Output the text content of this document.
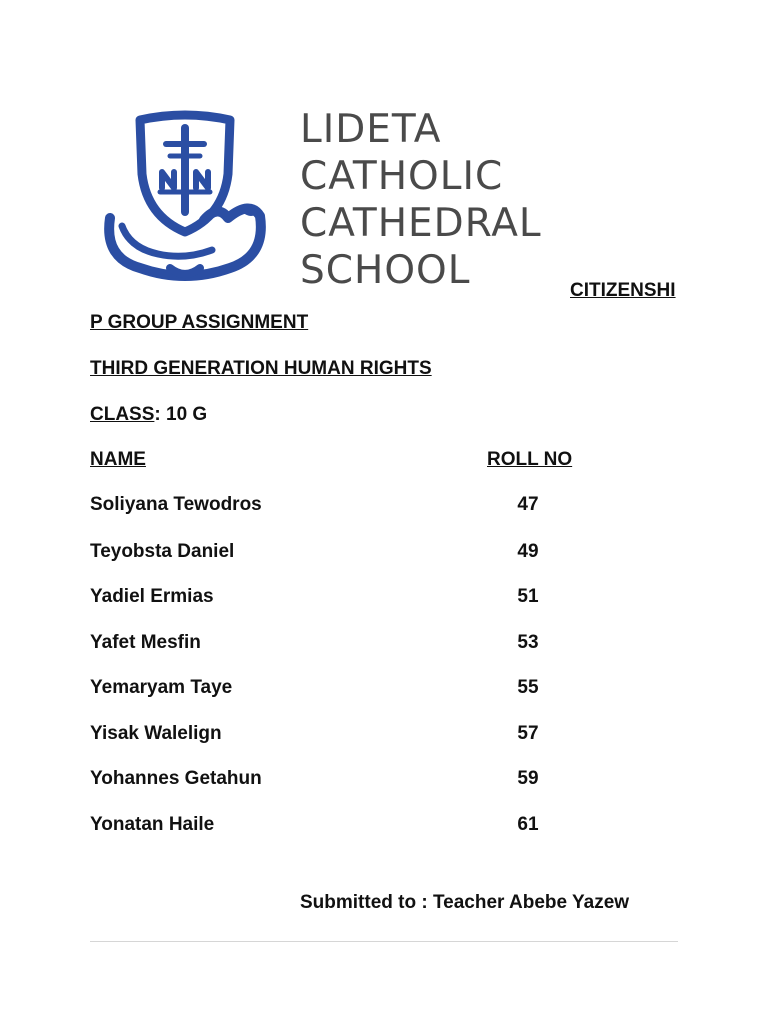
LIDETA
CATHOLIC
CATHEDRAL
SCHOOL	CITIZENSHI
P GROUP ASSIGNMENT
THIRD GENERATION HUMAN RIGHTS
CLASS: 10 G
NAME	ROLL NO
Soliyana Tewodros	47
Teyobsta Daniel	49
Yadiel Ermias	51
Yafet Mesfin	53
Yemaryam Taye	55
Yisak Walelign	57
Yohannes Getahun	59
Yonatan Haile	61
Submitted to : Teacher Abebe Yazew
